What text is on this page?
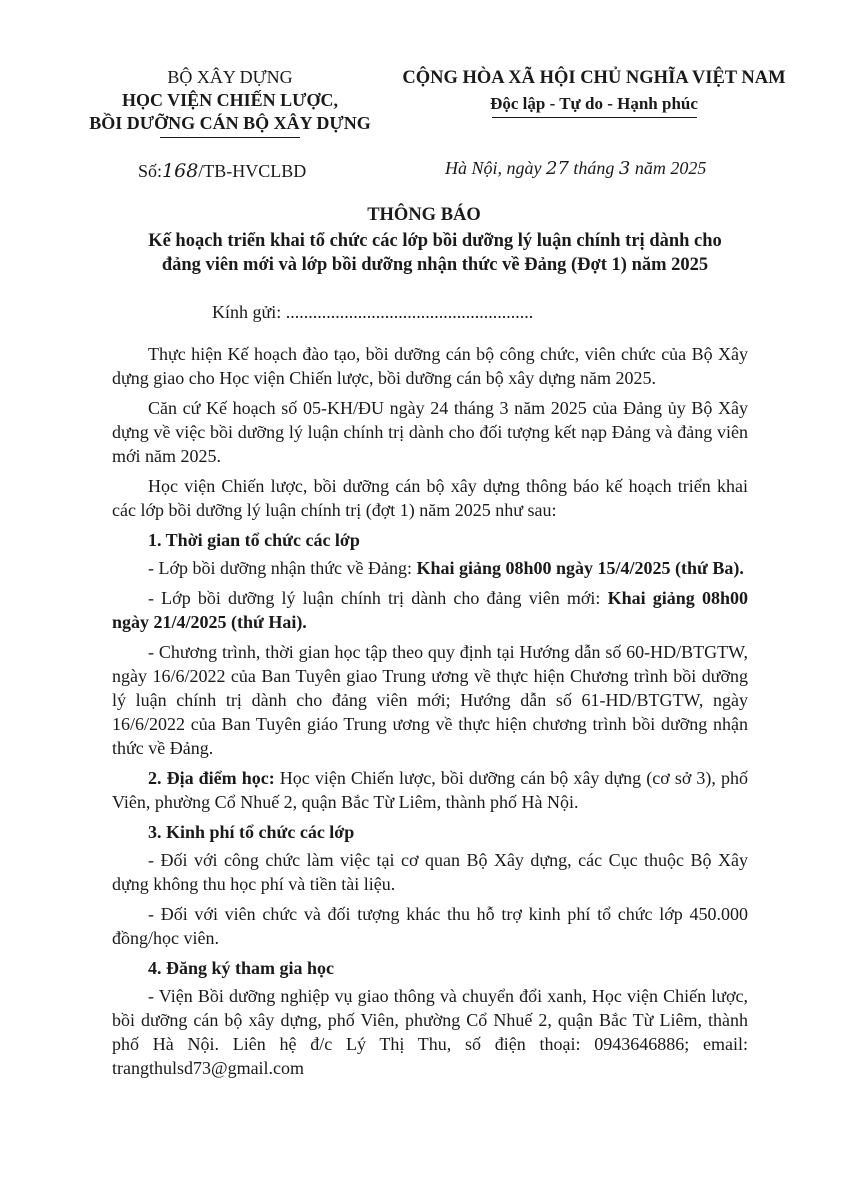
BỘ XÂY DỰNG
HỌC VIỆN CHIẾN LƯỢC,
BỒI DƯỠNG CÁN BỘ XÂY DỰNG
CỘNG HÒA XÃ HỘI CHỦ NGHĨA VIỆT NAM
Độc lập - Tự do - Hạnh phúc
Số:168/TB-HVCLBD	Hà Nội, ngày 27 tháng 3 năm 2025
THÔNG BÁO
Kế hoạch triển khai tổ chức các lớp bồi dưỡng lý luận chính trị dành cho
đảng viên mới và lớp bồi dưỡng nhận thức về Đảng (Đợt 1) năm 2025
Kính gửi: .......................................................

Thực hiện Kế hoạch đào tạo, bồi dưỡng cán bộ công chức, viên chức của Bộ Xây dựng giao cho Học viện Chiến lược, bồi dưỡng cán bộ xây dựng năm 2025.

Căn cứ Kế hoạch số 05-KH/ĐU ngày 24 tháng 3 năm 2025 của Đảng ủy Bộ Xây dựng về việc bồi dưỡng lý luận chính trị dành cho đối tượng kết nạp Đảng và đảng viên mới năm 2025.

Học viện Chiến lược, bồi dưỡng cán bộ xây dựng thông báo kế hoạch triển khai các lớp bồi dưỡng lý luận chính trị (đợt 1) năm 2025 như sau:

1. Thời gian tổ chức các lớp

- Lớp bồi dưỡng nhận thức về Đảng: Khai giảng 08h00 ngày 15/4/2025 (thứ Ba).

- Lớp bồi dưỡng lý luận chính trị dành cho đảng viên mới: Khai giảng 08h00 ngày 21/4/2025 (thứ Hai).

- Chương trình, thời gian học tập theo quy định tại Hướng dẫn số 60-HD/BTGTW, ngày 16/6/2022 của Ban Tuyên giao Trung ương về thực hiện Chương trình bồi dưỡng lý luận chính trị dành cho đảng viên mới; Hướng dẫn số 61-HD/BTGTW, ngày 16/6/2022 của Ban Tuyên giáo Trung ương về thực hiện chương trình bồi dưỡng nhận thức về Đảng.

2. Địa điểm học: Học viện Chiến lược, bồi dưỡng cán bộ xây dựng (cơ sở 3), phố Viên, phường Cổ Nhuế 2, quận Bắc Từ Liêm, thành phố Hà Nội.

3. Kinh phí tổ chức các lớp

- Đối với công chức làm việc tại cơ quan Bộ Xây dựng, các Cục thuộc Bộ Xây dựng không thu học phí và tiền tài liệu.

- Đối với viên chức và đối tượng khác thu hỗ trợ kinh phí tổ chức lớp 450.000 đồng/học viên.

4. Đăng ký tham gia học

- Viện Bồi dưỡng nghiệp vụ giao thông và chuyển đổi xanh, Học viện Chiến lược, bồi dưỡng cán bộ xây dựng, phố Viên, phường Cổ Nhuế 2, quận Bắc Từ Liêm, thành phố Hà Nội. Liên hệ đ/c Lý Thị Thu, số điện thoại: 0943646886; email: trangthulsd73@gmail.com
